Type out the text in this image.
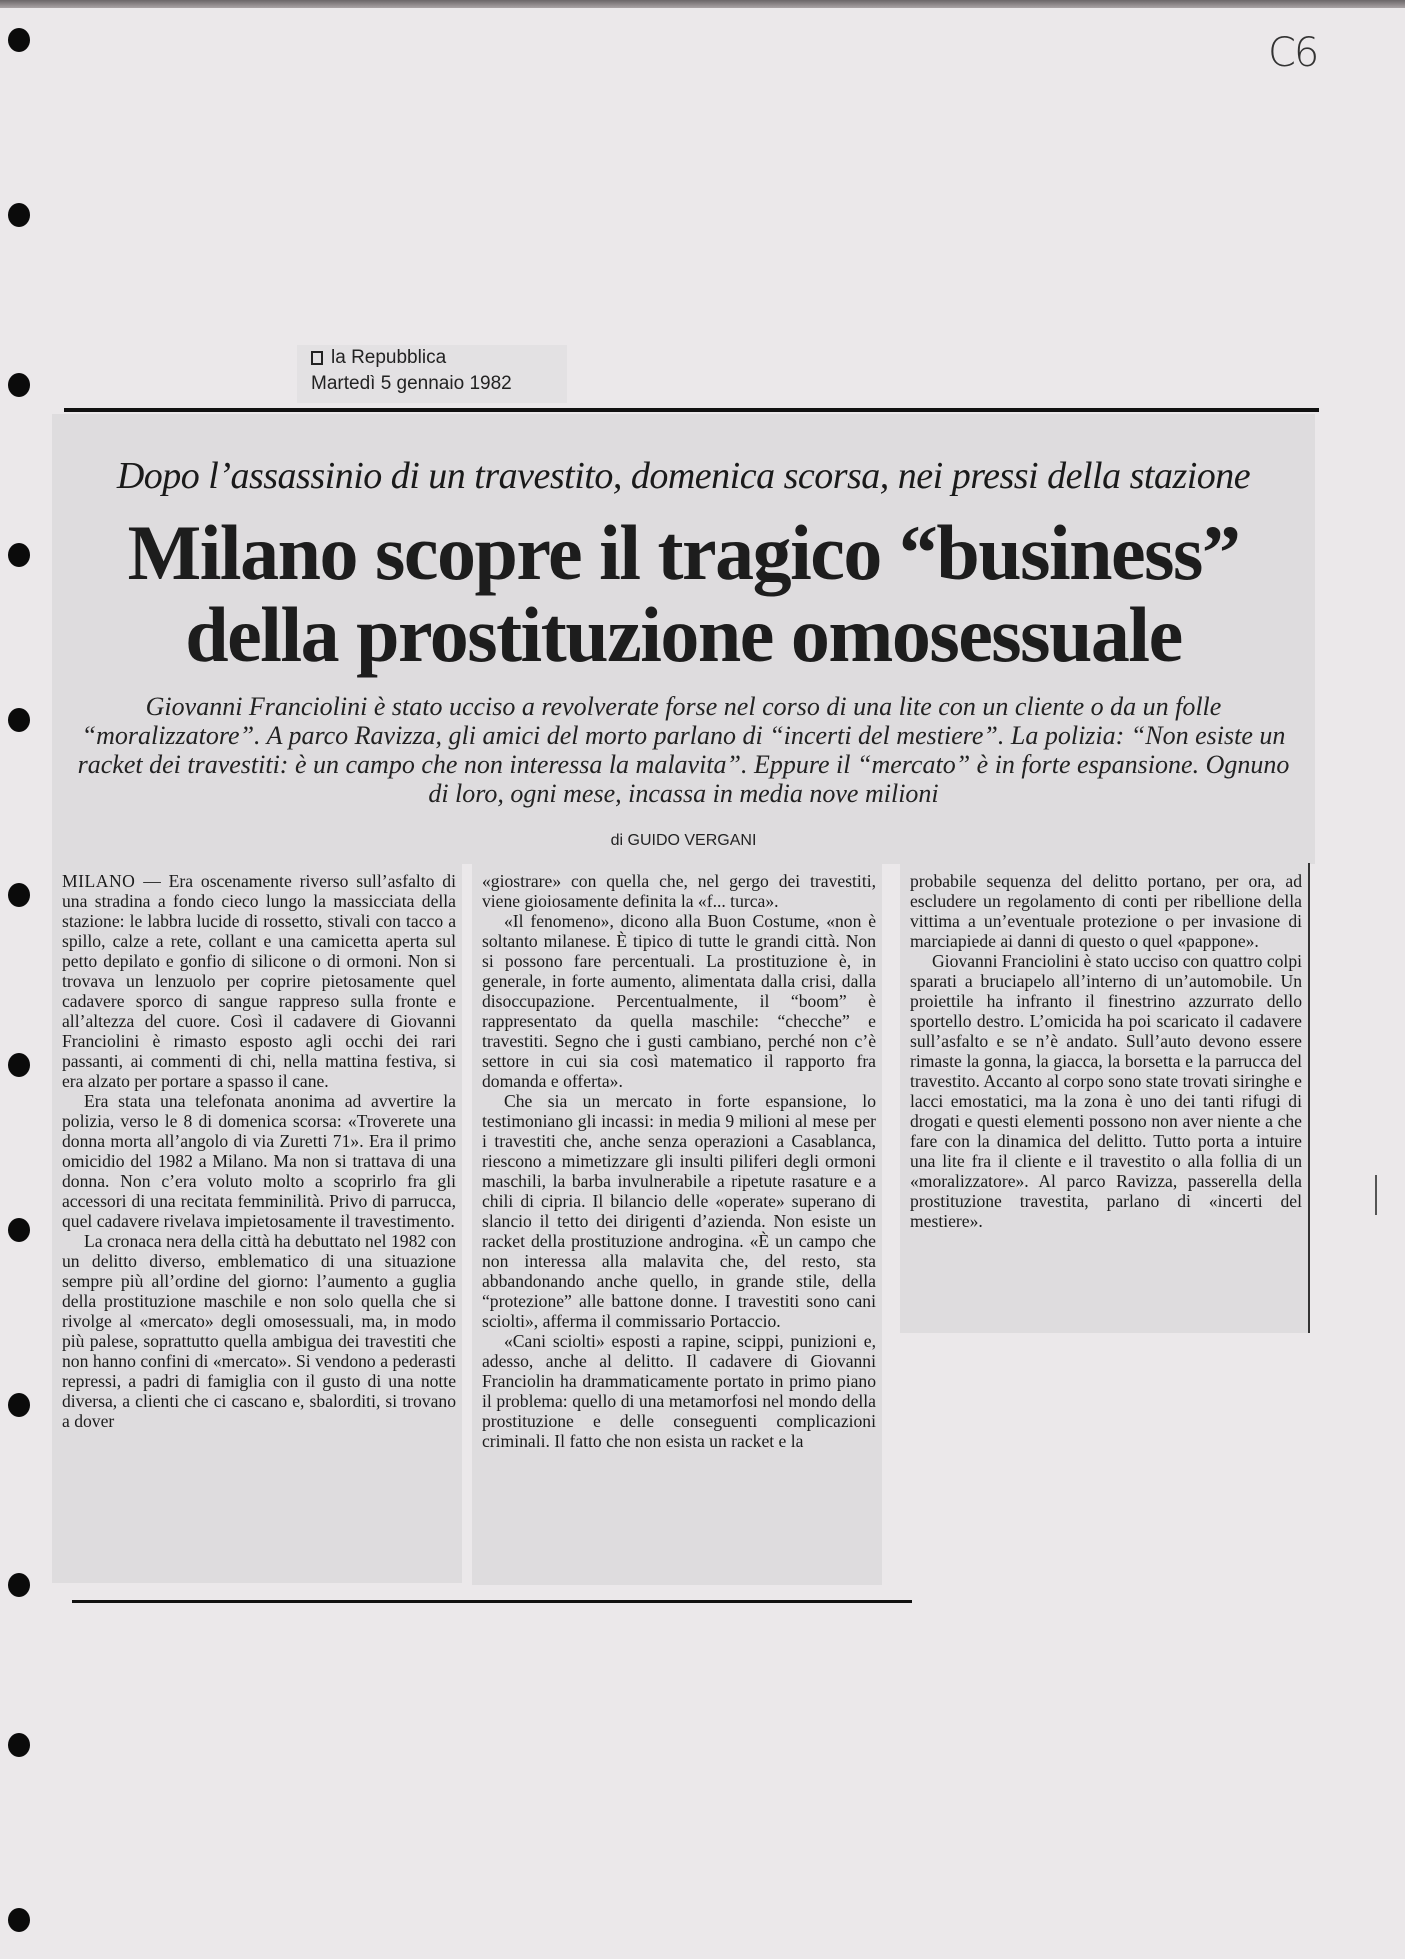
C6
la Repubblica
Martedì 5 gennaio 1982
Dopo l’assassinio di un travestito, domenica scorsa, nei pressi della stazione
Milano scopre il tragico “business”
della prostituzione omosessuale
Giovanni Franciolini è stato ucciso a revolverate forse nel corso di una lite con un cliente o da un folle “moralizzatore”. A parco Ravizza, gli amici del morto parlano di “incerti del mestiere”. La polizia: “Non esiste un racket dei travestiti: è un campo che non interessa la malavita”. Eppure il “mercato” è in forte espansione. Ognuno di loro, ogni mese, incassa in media nove milioni
di GUIDO VERGANI

MILANO — Era oscenamente riverso sull’asfalto di una stradina a fondo cieco lungo la massicciata della stazione: le labbra lucide di rossetto, stivali con tacco a spillo, calze a rete, collant e una camicetta aperta sul petto depilato e gonfio di silicone o di ormoni. Non si trovava un lenzuolo per coprire pietosamente quel cadavere sporco di sangue rappreso sulla fronte e all’altezza del cuore. Così il cadavere di Giovanni Franciolini è rimasto esposto agli occhi dei rari passanti, ai commenti di chi, nella mattina festiva, si era alzato per portare a spasso il cane.

Era stata una telefonata anonima ad avvertire la polizia, verso le 8 di domenica scorsa: «Troverete una donna morta all’angolo di via Zuretti 71». Era il primo omicidio del 1982 a Milano. Ma non si trattava di una donna. Non c’era voluto molto a scoprirlo fra gli accessori di una recitata femminilità. Privo di parrucca, quel cadavere rivelava impietosamente il travestimento.

La cronaca nera della città ha debuttato nel 1982 con un delitto diverso, emblematico di una situazione sempre più all’ordine del giorno: l’aumento a guglia della prostituzione maschile e non solo quella che si rivolge al «mercato» degli omosessuali, ma, in modo più palese, soprattutto quella ambigua dei travestiti che non hanno confini di «mercato». Si vendono a pederasti repressi, a padri di famiglia con il gusto di una notte diversa, a clienti che ci cascano e, sbalorditi, si trovano a dover

«giostrare» con quella che, nel gergo dei travestiti, viene gioiosamente definita la «f... turca».

«Il fenomeno», dicono alla Buon Costume, «non è soltanto milanese. È tipico di tutte le grandi città. Non si possono fare percentuali. La prostituzione è, in generale, in forte aumento, alimentata dalla crisi, dalla disoccupazione. Percentualmente, il “boom” è rappresentato da quella maschile: “checche” e travestiti. Segno che i gusti cambiano, perché non c’è settore in cui sia così matematico il rapporto fra domanda e offerta».

Che sia un mercato in forte espansione, lo testimoniano gli incassi: in media 9 milioni al mese per i travestiti che, anche senza operazioni a Casablanca, riescono a mimetizzare gli insulti piliferi degli ormoni maschili, la barba invulnerabile a ripetute rasature e a chili di cipria. Il bilancio delle «operate» superano di slancio il tetto dei dirigenti d’azienda. Non esiste un racket della prostituzione androgina. «È un campo che non interessa alla malavita che, del resto, sta abbandonando anche quello, in grande stile, della “protezione” alle battone donne. I travestiti sono cani sciolti», afferma il commissario Portaccio.

«Cani sciolti» esposti a rapine, scippi, punizioni e, adesso, anche al delitto. Il cadavere di Giovanni Franciolin ha drammaticamente portato in primo piano il problema: quello di una metamorfosi nel mondo della prostituzione e delle conseguenti complicazioni criminali. Il fatto che non esista un racket e la

probabile sequenza del delitto portano, per ora, ad escludere un regolamento di conti per ribellione della vittima a un’eventuale protezione o per invasione di marciapiede ai danni di questo o quel «pappone».

Giovanni Franciolini è stato ucciso con quattro colpi sparati a bruciapelo all’interno di un’automobile. Un proiettile ha infranto il finestrino azzurrato dello sportello destro. L’omicida ha poi scaricato il cadavere sull’asfalto e se n’è andato. Sull’auto devono essere rimaste la gonna, la giacca, la borsetta e la parrucca del travestito. Accanto al corpo sono state trovati siringhe e lacci emostatici, ma la zona è uno dei tanti rifugi di drogati e questi elementi possono non aver niente a che fare con la dinamica del delitto. Tutto porta a intuire una lite fra il cliente e il travestito o alla follia di un «moralizzatore». Al parco Ravizza, passerella della prostituzione travestita, parlano di «incerti del mestiere».
